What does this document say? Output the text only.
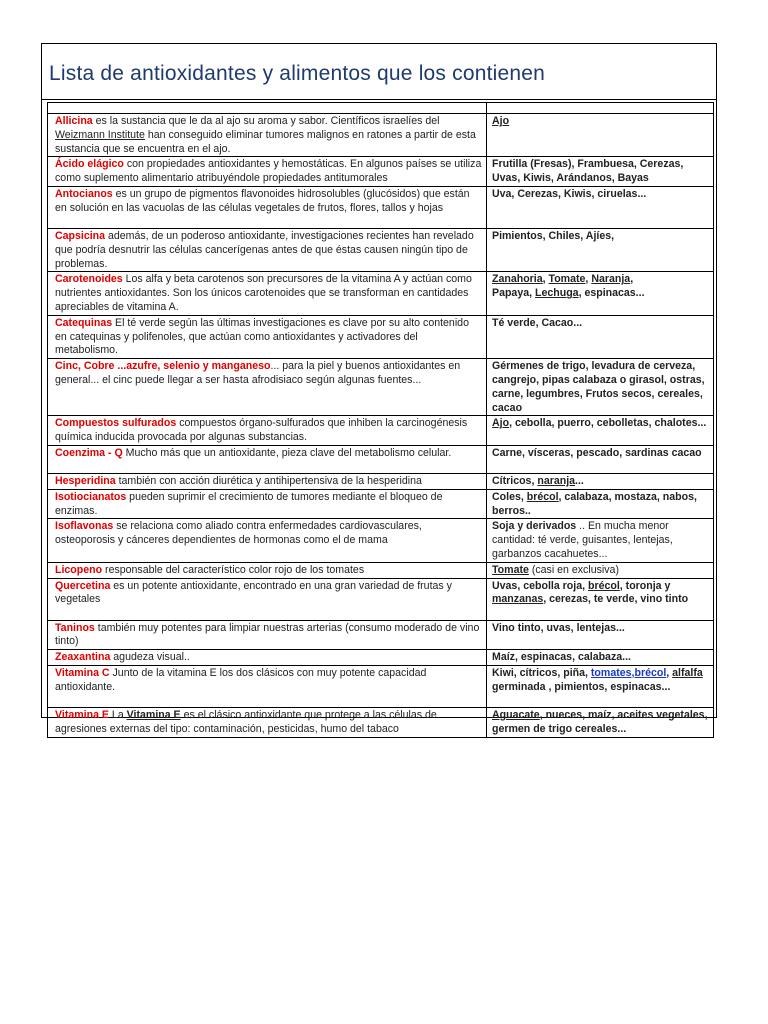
Lista de antioxidantes y alimentos que los contienen

Allicina es la sustancia que le da al ajo su aroma y sabor. Científicos israelíes del Weizmann Institute han conseguido eliminar tumores malignos en ratones a partir de esta sustancia que se encuentra en el ajo.	Ajo
Ácido elágico con propiedades antioxidantes y hemostáticas. En algunos países se utiliza como suplemento alimentario atribuyéndole propiedades antitumorales	Frutilla (Fresas), Frambuesa, Cerezas, Uvas, Kiwis, Arándanos, Bayas
Antocianos es un grupo de pigmentos flavonoides hidrosolubles (glucósidos) que están en solución en las vacuolas de las células vegetales de frutos, flores, tallos y hojas	Uva, Cerezas, Kiwis, ciruelas...
Capsicina además, de un poderoso antioxidante, investigaciones recientes han revelado que podría desnutrir las células cancerígenas antes de que éstas causen ningún tipo de problemas.	Pimientos, Chiles, Ajíes,
Carotenoides Los alfa y beta carotenos son precursores de la vitamina A y actúan como nutrientes antioxidantes. Son los únicos carotenoides que se transforman en cantidades apreciables de vitamina A.	Zanahoria, Tomate, Naranja,
Papaya, Lechuga, espinacas...
Catequinas El té verde según las últimas investigaciones es clave por su alto contenido en catequinas y polifenoles, que actúan como antioxidantes y activadores del metabolismo.	Té verde, Cacao...
Cinc, Cobre ...azufre, selenio y manganeso... para la piel y buenos antioxidantes en general... el cinc puede llegar a ser hasta afrodisiaco según algunas fuentes...	Gérmenes de trigo, levadura de cerveza, cangrejo, pipas calabaza o girasol, ostras, carne, legumbres, Frutos secos, cereales, cacao
Compuestos sulfurados compuestos órgano-sulfurados que inhiben la carcinogénesis química inducida provocada por algunas substancias.	Ajo, cebolla, puerro, cebolletas, chalotes...
Coenzima - Q Mucho más que un antioxidante, pieza clave del metabolismo celular.	Carne, vísceras, pescado, sardinas cacao
Hesperidina también con acción diurética y antihipertensiva de la hesperidina	Cítricos, naranja...
Isotiocianatos pueden suprimir el crecimiento de tumores mediante el bloqueo de enzimas.	Coles, brécol, calabaza, mostaza, nabos, berros..
Isoflavonas se relaciona como aliado contra enfermedades cardiovasculares, osteoporosis y cánceres dependientes de hormonas como el de mama	Soja y derivados .. En mucha menor cantidad: té verde, guisantes, lentejas, garbanzos cacahuetes...
Licopeno responsable del característico color rojo de los tomates	Tomate (casi en exclusiva)
Quercetina es un potente antioxidante, encontrado en una gran variedad de frutas y vegetales	Uvas, cebolla roja, brécol, toronja y manzanas, cerezas, te verde, vino tinto
Taninos también muy potentes para limpiar nuestras arterias (consumo moderado de vino tinto)	Vino tinto, uvas, lentejas...
Zeaxantina agudeza visual..	Maíz, espinacas, calabaza...
Vitamina C Junto de la vitamina E los dos clásicos con muy potente capacidad antioxidante.	Kiwi, cítricos, piña, tomates,brécol, alfalfa germinada , pimientos, espinacas...
Vitamina E La Vitamina E es el clásico antioxidante que protege a las células de agresiones externas del tipo: contaminación, pesticidas, humo del tabaco	Aguacate, nueces, maíz, aceites vegetales, germen de trigo cereales...
